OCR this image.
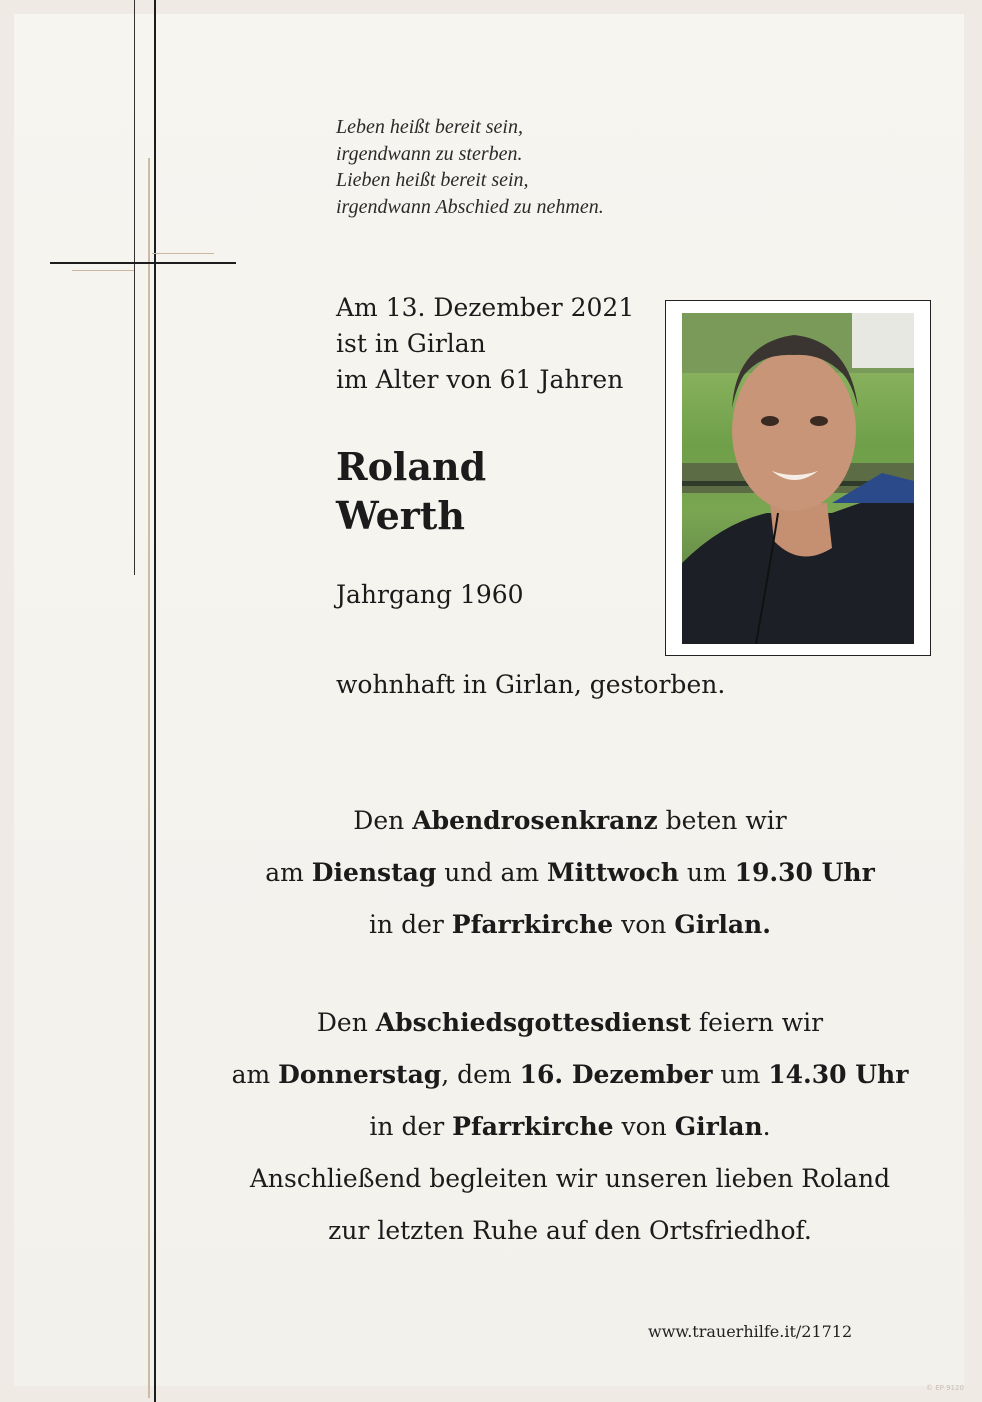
Leben heißt bereit sein,
irgendwann zu sterben.
Lieben heißt bereit sein,
irgendwann Abschied zu nehmen.
Am 13. Dezember 2021
ist in Girlan
im Alter von 61 Jahren
Roland
Werth
Jahrgang 1960
wohnhaft in Girlan, gestorben.
Den Abendrosenkranz beten wir
am Dienstag und am Mittwoch um 19.30 Uhr
in der Pfarrkirche von Girlan.
Den Abschiedsgottesdienst feiern wir
am Donnerstag, dem 16. Dezember um 14.30 Uhr
in der Pfarrkirche von Girlan.
Anschließend begleiten wir unseren lieben Roland
zur letzten Ruhe auf den Ortsfriedhof.
www.trauerhilfe.it/21712
© EP 9120
